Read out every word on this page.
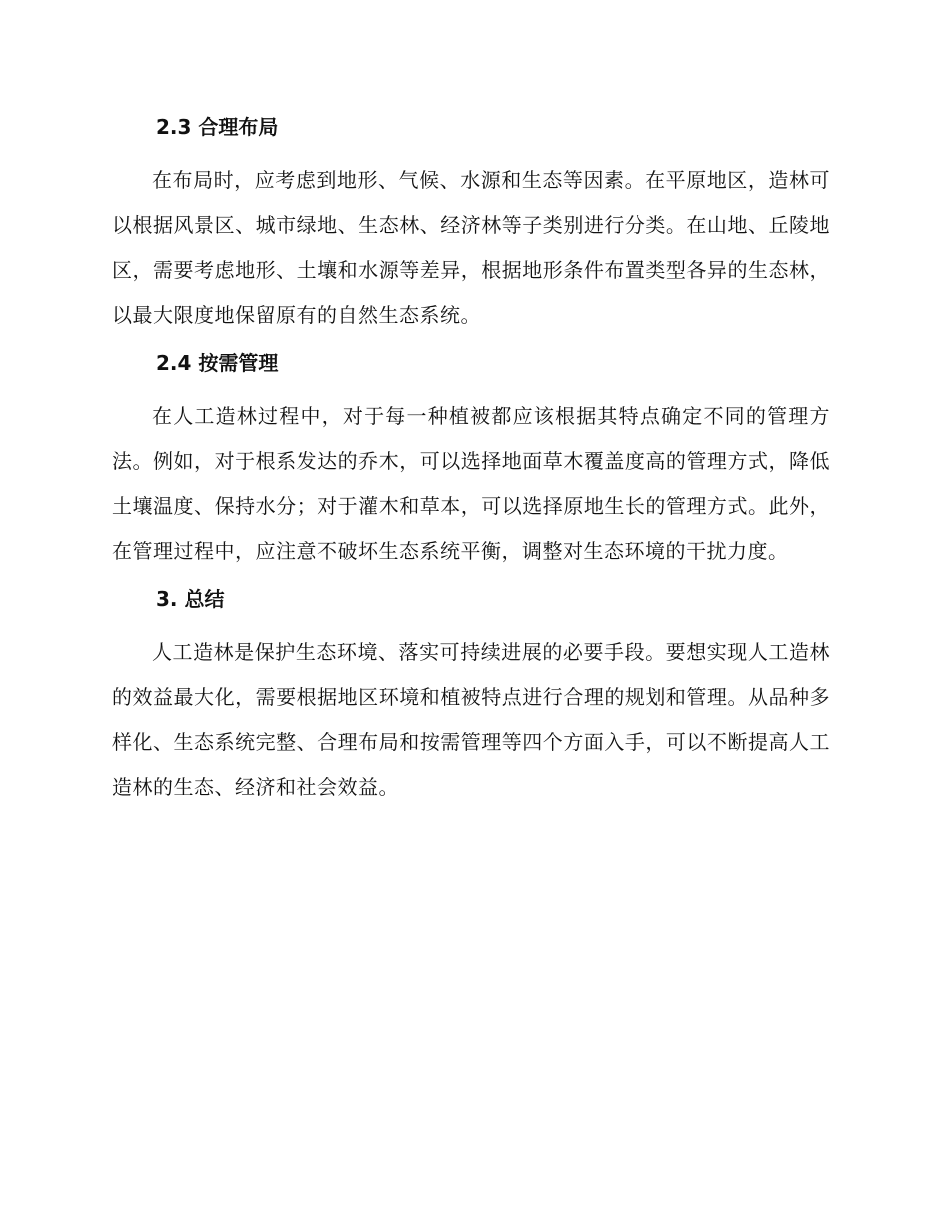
2.3 合理布局

在布局时，应考虑到地形、气候、水源和生态等因素。在平原地区，造林可以根据风景区、城市绿地、生态林、经济林等子类别进行分类。在山地、丘陵地区，需要考虑地形、土壤和水源等差异，根据地形条件布置类型各异的生态林，以最大限度地保留原有的自然生态系统。

2.4 按需管理

在人工造林过程中，对于每一种植被都应该根据其特点确定不同的管理方法。例如，对于根系发达的乔木，可以选择地面草木覆盖度高的管理方式，降低土壤温度、保持水分；对于灌木和草本，可以选择原地生长的管理方式。此外，在管理过程中，应注意不破坏生态系统平衡，调整对生态环境的干扰力度。

3. 总结

人工造林是保护生态环境、落实可持续进展的必要手段。要想实现人工造林的效益最大化，需要根据地区环境和植被特点进行合理的规划和管理。从品种多样化、生态系统完整、合理布局和按需管理等四个方面入手，可以不断提高人工造林的生态、经济和社会效益。
